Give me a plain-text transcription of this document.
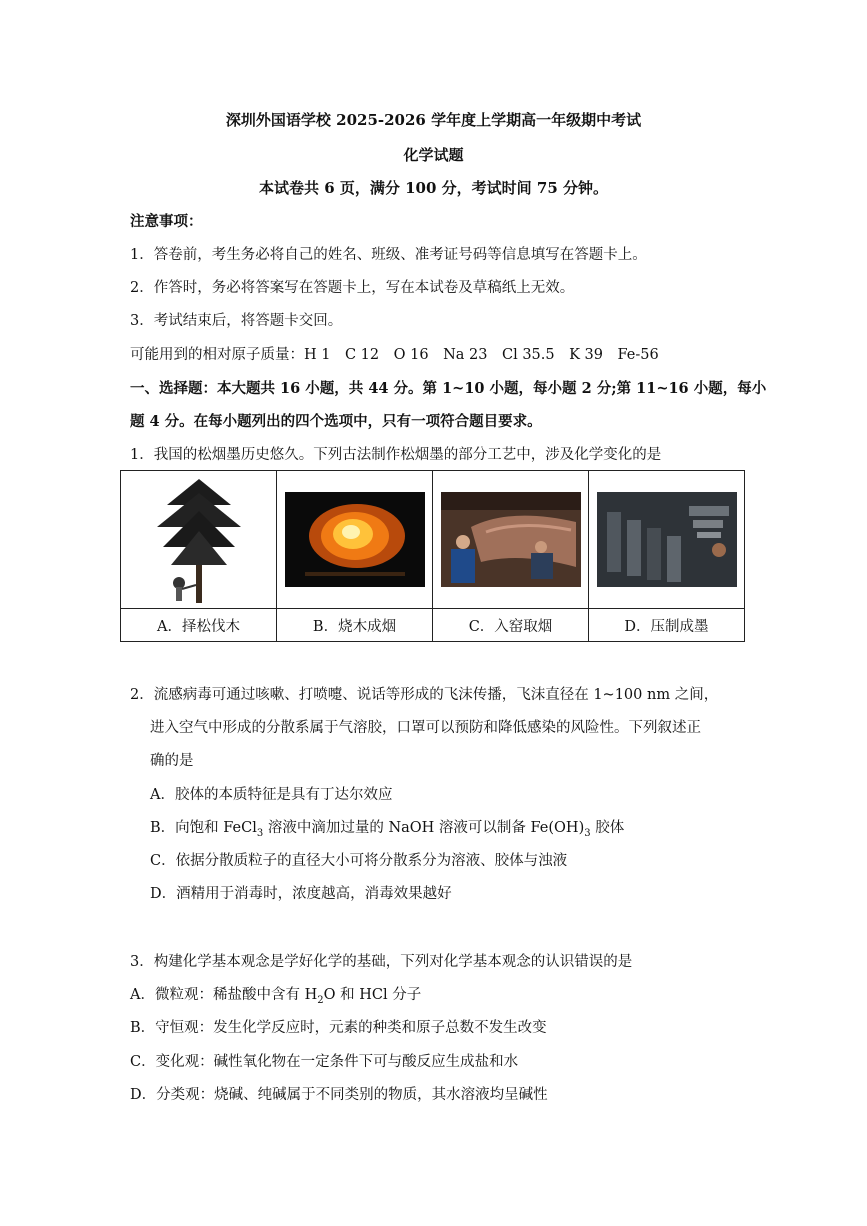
深圳外国语学校 2025-2026 学年度上学期高一年级期中考试
化学试题
本试卷共 6 页，满分 100 分，考试时间 75 分钟。
注意事项：
1．答卷前，考生务必将自己的姓名、班级、准考证号码等信息填写在答题卡上。
2．作答时，务必将答案写在答题卡上，写在本试卷及草稿纸上无效。
3．考试结束后，将答题卡交回。
可能用到的相对原子质量：H 1　C 12　O 16　Na 23　Cl 35.5　K 39　Fe-56
一、选择题：本大题共 16 小题，共 44 分。第 1~10 小题，每小题 2 分;第 11~16 小题，每小
题 4 分。在每小题列出的四个选项中，只有一项符合题目要求。
1．我国的松烟墨历史悠久。下列古法制作松烟墨的部分工艺中，涉及化学变化的是

A．择松伐木	B．烧木成烟	C．入窑取烟	D．压制成墨
2．流感病毒可通过咳嗽、打喷嚏、说话等形成的飞沫传播，飞沫直径在 1~100 nm 之间，
进入空气中形成的分散系属于气溶胶，口罩可以预防和降低感染的风险性。下列叙述正
确的是
A．胶体的本质特征是具有丁达尔效应
B．向饱和 FeCl$_3$ 溶液中滴加过量的 NaOH 溶液可以制备 $Fe(OH)_3$ 胶体
C．依据分散质粒子的直径大小可将分散系分为溶液、胶体与浊液
D．酒精用于消毒时，浓度越高，消毒效果越好
3．构建化学基本观念是学好化学的基础，下列对化学基本观念的认识错误的是
A．微粒观：稀盐酸中含有 $H_2O$ 和 HCl 分子
B．守恒观：发生化学反应时，元素的种类和原子总数不发生改变
C．变化观：碱性氧化物在一定条件下可与酸反应生成盐和水
D．分类观：烧碱、纯碱属于不同类别的物质，其水溶液均呈碱性
